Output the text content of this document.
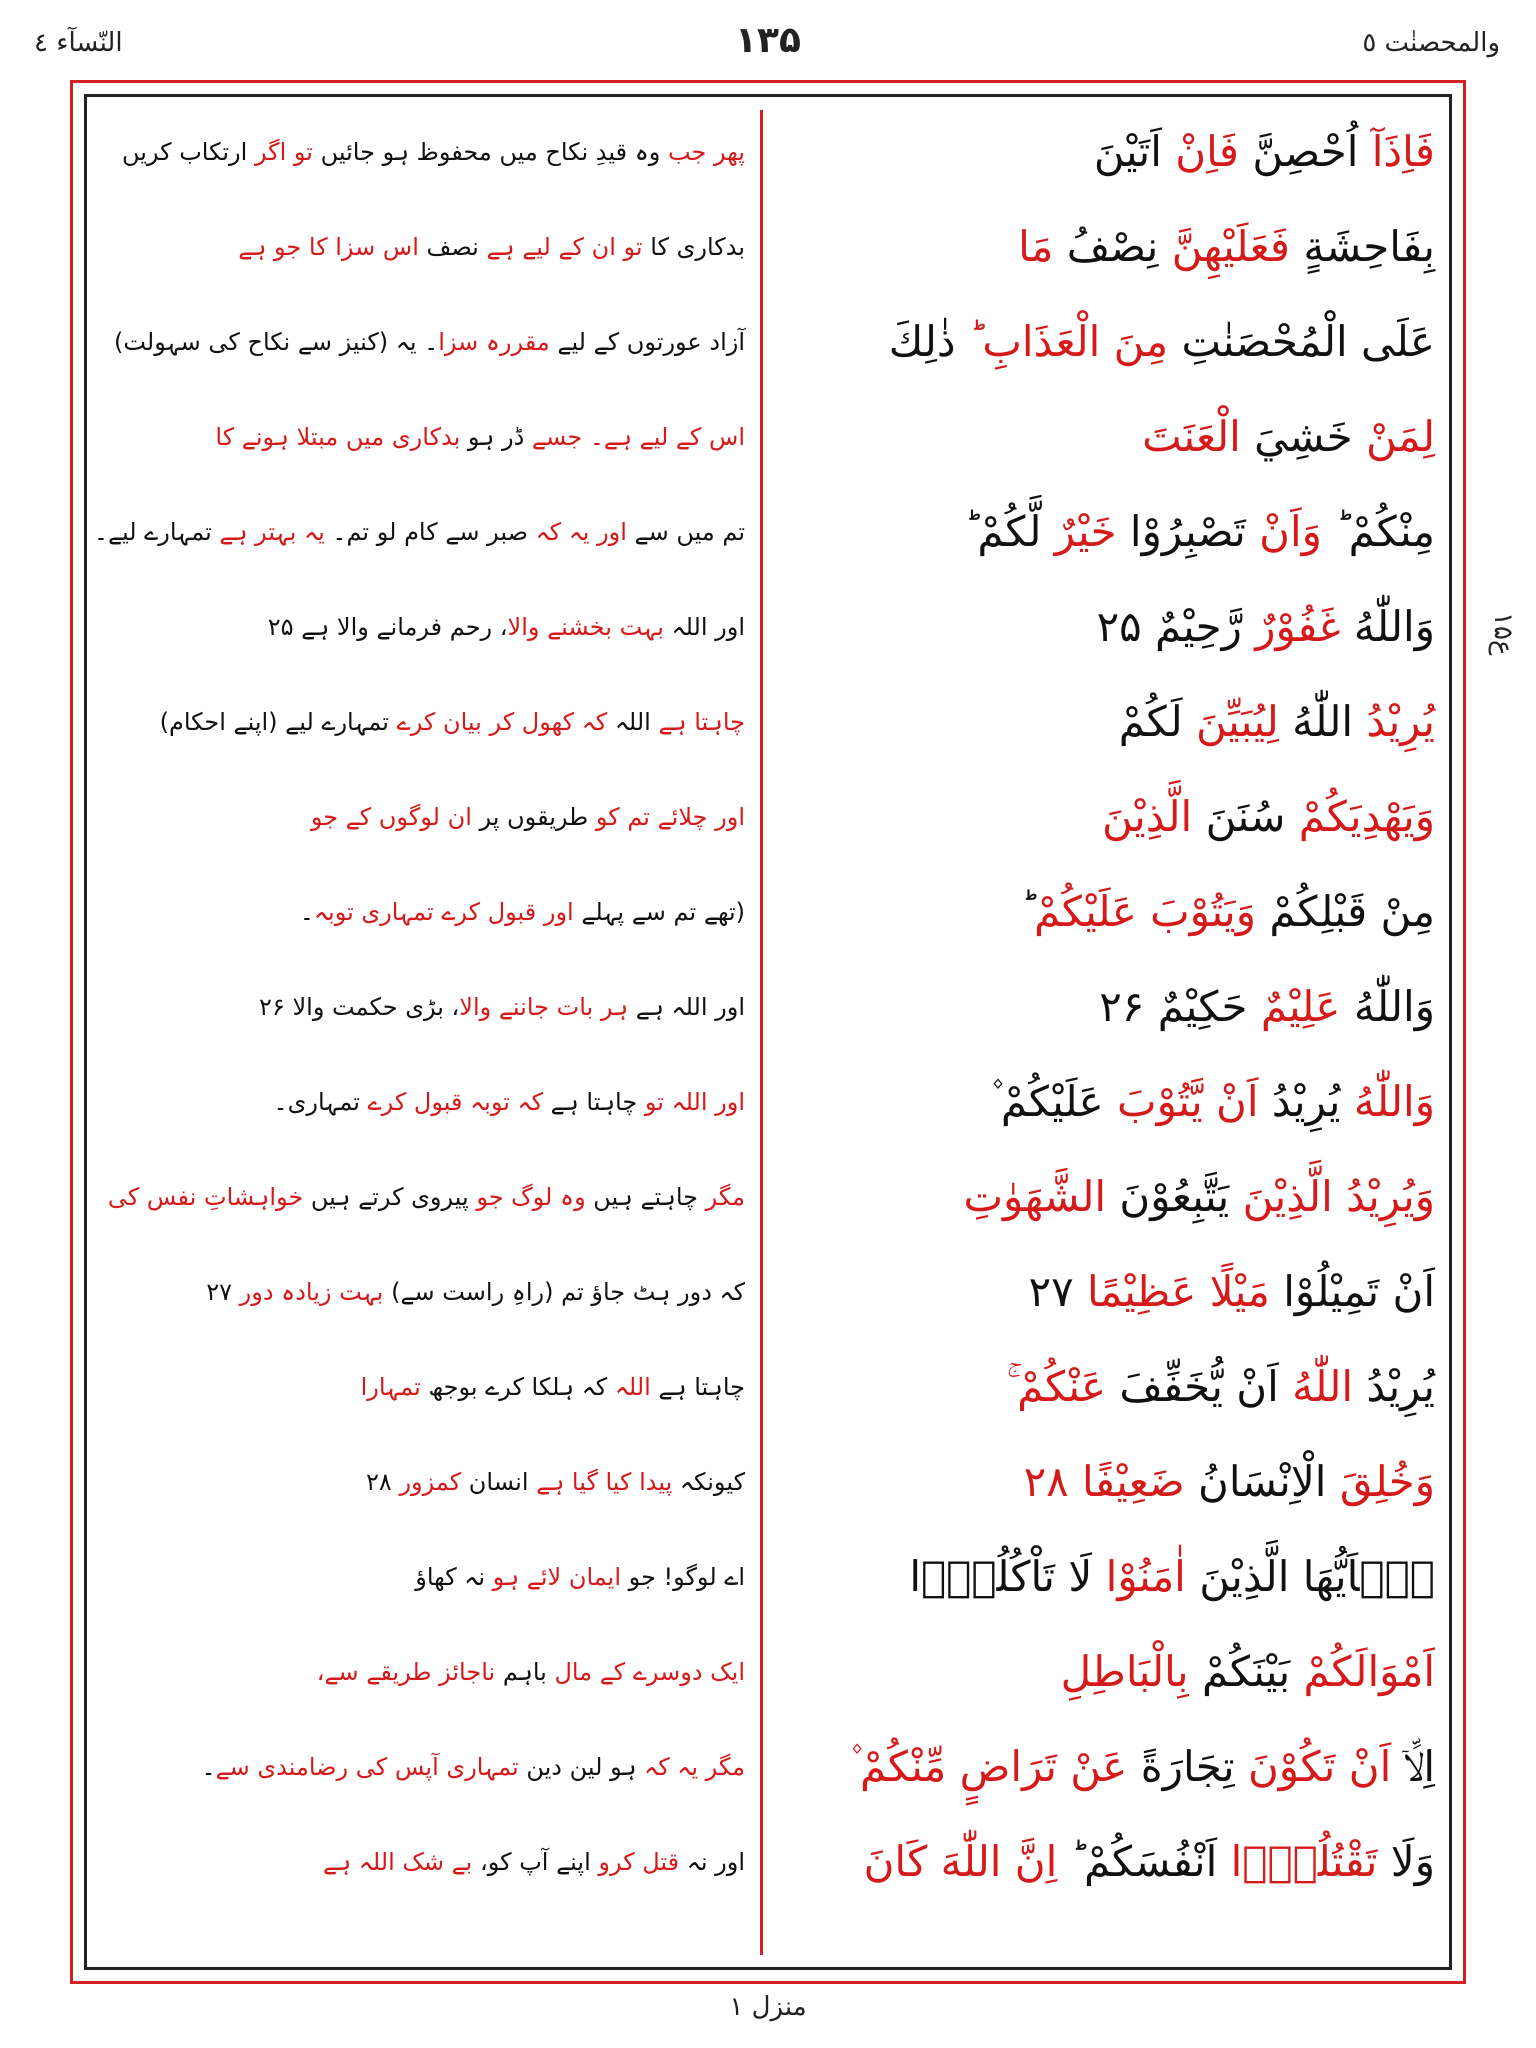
النّسآء ٤	۱۳۵	والمحصنٰت ٥
فَاِذَآ اُحْصِنَّ فَاِنْ اَتَيْنَ
بِفَاحِشَةٍ فَعَلَيْهِنَّ نِصْفُ مَا
عَلَى الْمُحْصَنٰتِ مِنَ الْعَذَابِ ؕ ذٰلِكَ
لِمَنْ خَشِيَ الْعَنَتَ
مِنْكُمْ ؕ وَاَنْ تَصْبِرُوْا خَيْرٌ لَّكُمْ ؕ
وَاللّٰهُ غَفُوْرٌ رَّحِيْمٌ ۲۵
يُرِيْدُ اللّٰهُ لِيُبَيِّنَ لَكُمْ
وَيَهْدِيَكُمْ سُنَنَ الَّذِيْنَ
مِنْ قَبْلِكُمْ وَيَتُوْبَ عَلَيْكُمْ ؕ
وَاللّٰهُ عَلِيْمٌ حَكِيْمٌ ۲۶
وَاللّٰهُ يُرِيْدُ اَنْ يَّتُوْبَ عَلَيْكُمْ ۫
وَيُرِيْدُ الَّذِيْنَ يَتَّبِعُوْنَ الشَّهَوٰتِ
اَنْ تَمِيْلُوْا مَيْلًا عَظِيْمًا ۲۷
يُرِيْدُ اللّٰهُ اَنْ يُّخَفِّفَ عَنْكُمْ ۚ
وَخُلِقَ الْاِنْسَانُ ضَعِيْفًا ۲۸
يٰۤاَيُّهَا الَّذِيْنَ اٰمَنُوْا لَا تَاْكُلُوْۤا
اَمْوَالَكُمْ بَيْنَكُمْ بِالْبَاطِلِ
اِلَّاۤ اَنْ تَكُوْنَ تِجَارَةً عَنْ تَرَاضٍ مِّنْكُمْ ۫
وَلَا تَقْتُلُوْۤا اَنْفُسَكُمْ ؕ اِنَّ اللّٰهَ كَانَ
پھر جب وہ قیدِ نکاح میں محفوظ ہو جائیں تو اگر ارتکاب کریں
بدکاری کا تو ان کے لیے ہے نصف اس سزا کا جو ہے
آزاد عورتوں کے لیے مقررہ سزا۔ یہ (کنیز سے نکاح کی سہولت)
اس کے لیے ہے۔ جسے ڈر ہو بدکاری میں مبتلا ہونے کا
تم میں سے اور یہ کہ صبر سے کام لو تم۔ یہ بہتر ہے تمہارے لیے۔
اور اللہ بہت بخشنے والا، رحم فرمانے والا ہے ۲۵
چاہتا ہے اللہ کہ کھول کر بیان کرے تمہارے لیے (اپنے احکام)
اور چلائے تم کو طریقوں پر ان لوگوں کے جو
(تھے تم سے پہلے اور قبول کرے تمہاری توبہ۔
اور اللہ ہے ہر بات جاننے والا، بڑی حکمت والا ۲۶
اور اللہ تو چاہتا ہے کہ توبہ قبول کرے تمہاری۔
مگر چاہتے ہیں وہ لوگ جو پیروی کرتے ہیں خواہشاتِ نفس کی
کہ دور ہٹ جاؤ تم (راہِ راست سے) بہت زیادہ دور ۲۷
چاہتا ہے اللہ کہ ہلکا کرے بوجھ تمہارا
کیونکہ پیدا کیا گیا ہے انسان کمزور ۲۸
اے لوگو! جو ایمان لائے ہو نہ کھاؤ
ایک دوسرے کے مال باہم ناجائز طریقے سے،
مگر یہ کہ ہو لین دین تمہاری آپس کی رضامندی سے۔
اور نہ قتل کرو اپنے آپ کو، بے شک اللہ ہے
ع۱۵
منزل ۱
